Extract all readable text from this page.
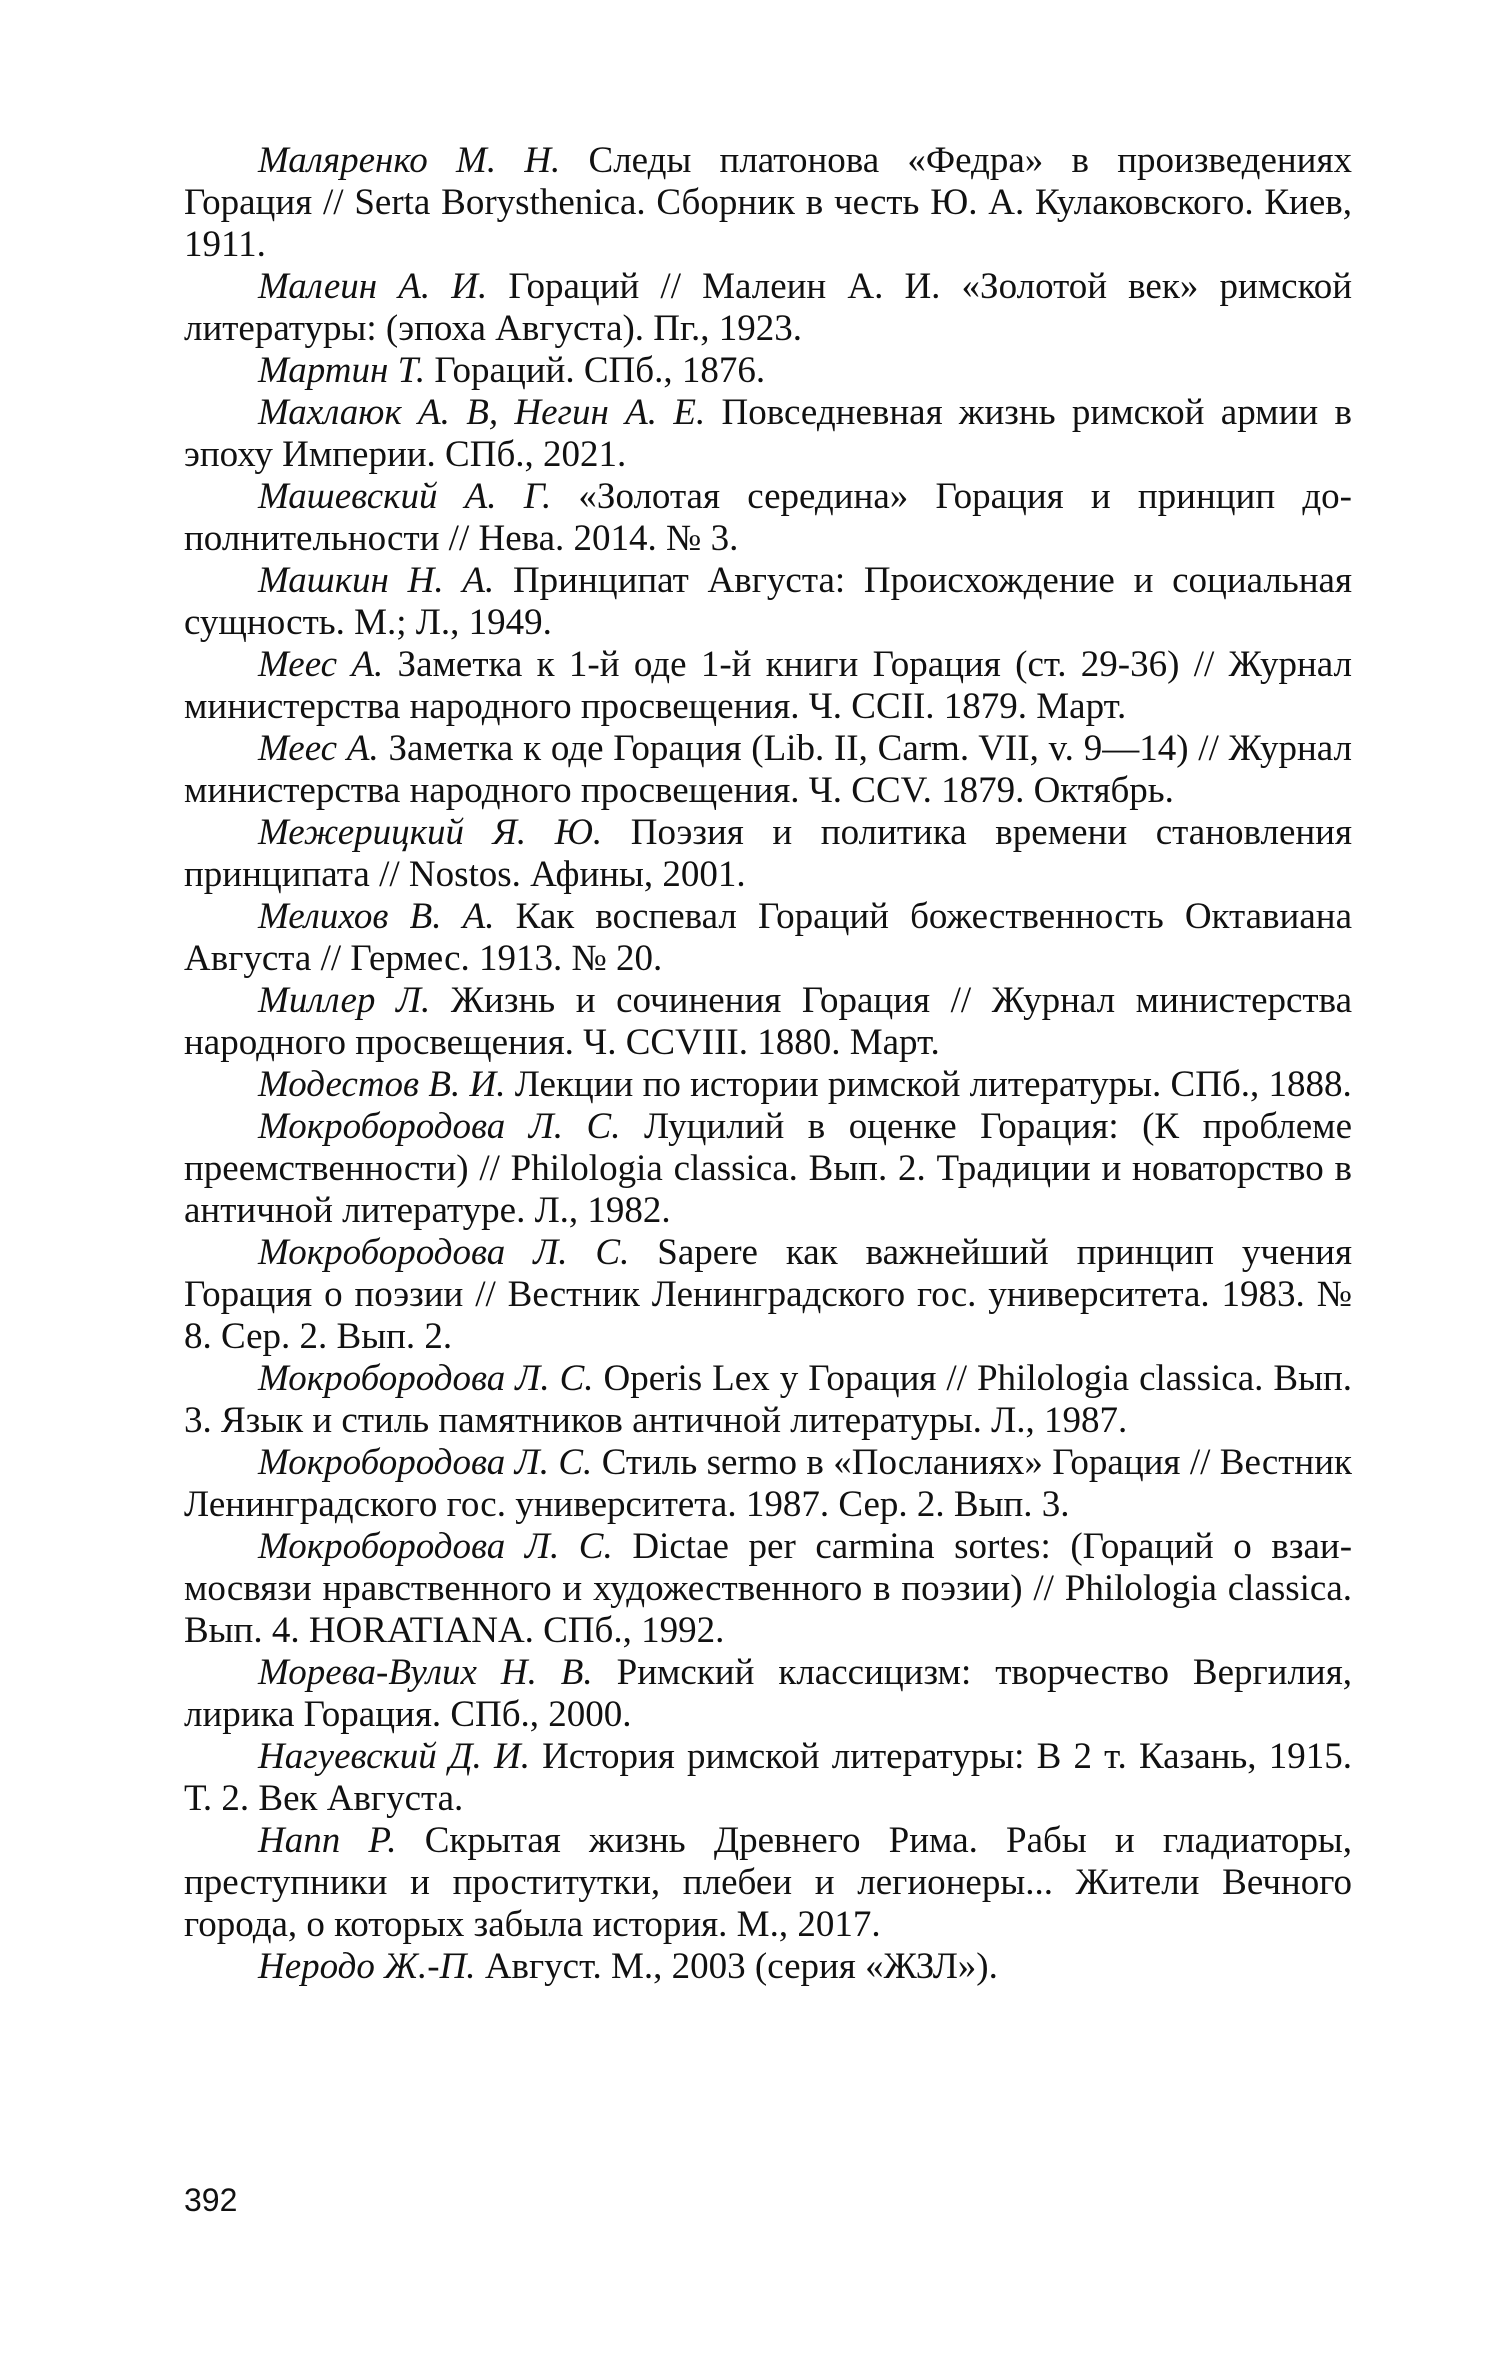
Маляренко М. Н. Следы платонова «Федра» в произведениях Горация // Serta Borysthenica. Сборник в честь Ю. А. Кулаковского. Киев, 1911.

Малеин А. И. Гораций // Малеин А. И. «Золотой век» римской литературы: (эпоха Августа). Пг., 1923.

Мартин Т. Гораций. СПб., 1876.

Махлаюк А. В, Негин А. Е. Повседневная жизнь римской армии в эпоху Империи. СПб., 2021.

Машевский А. Г. «Золотая середина» Горация и принцип дополнительности // Нева. 2014. № 3.

Машкин Н. А. Принципат Августа: Происхождение и социальная сущность. М.; Л., 1949.

Меес А. Заметка к 1-й оде 1-й книги Горация (ст. 29-36) // Журнал министерства народного просвещения. Ч. CCII. 1879. Март.

Меес А. Заметка к оде Горация (Lib. II, Carm. VII, v. 9—14) // Журнал министерства народного просвещения. Ч. CCV. 1879. Октябрь.

Межерицкий Я. Ю. Поэзия и политика времени становления принципата // Nostos. Афины, 2001.

Мелихов В. А. Как воспевал Гораций божественность Октавиана Августа // Гермес. 1913. № 20.

Миллер Л. Жизнь и сочинения Горация // Журнал министерства народного просвещения. Ч. CCVIII. 1880. Март.

Модестов В. И. Лекции по истории римской литературы. СПб., 1888.

Мокробородова Л. С. Луцилий в оценке Горация: (К проблеме преемственности) // Philologia classica. Вып. 2. Традиции и новаторство в античной литературе. Л., 1982.

Мокробородова Л. С. Sapere как важнейший принцип учения Горация о поэзии // Вестник Ленинградского гос. университета. 1983. № 8. Сер. 2. Вып. 2.

Мокробородова Л. С. Operis Lex у Горация // Philologia classica. Вып. 3. Язык и стиль памятников античной литературы. Л., 1987.

Мокробородова Л. С. Стиль sermo в «Посланиях» Горация // Вестник Ленинградского гос. университета. 1987. Сер. 2. Вып. 3.

Мокробородова Л. С. Dictae per carmina sortes: (Гораций о взаимосвязи нравственного и художественного в поэзии) // Philologia classica. Вып. 4. HORATIANA. СПб., 1992.

Морева-Вулих Н. В. Римский классицизм: творчество Вергилия, лирика Горация. СПб., 2000.

Нагуевский Д. И. История римской литературы: В 2 т. Казань, 1915. Т. 2. Век Августа.

Напп Р. Скрытая жизнь Древнего Рима. Рабы и гладиаторы, преступники и проститутки, плебеи и легионеры... Жители Вечного города, о которых забыла история. М., 2017.

Неродо Ж.-П. Август. М., 2003 (серия «ЖЗЛ»).

392
